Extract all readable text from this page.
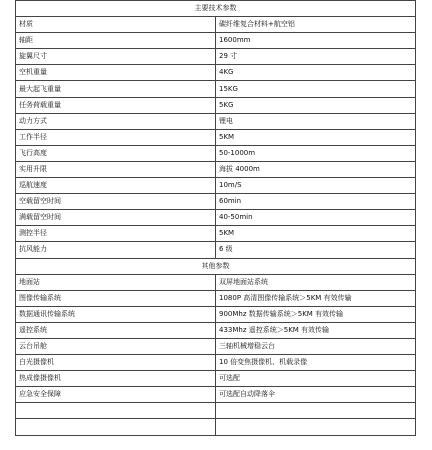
主要技术参数	
材质	碳纤维复合材料+航空铝
轴距	1600mm
旋翼尺寸	29 寸
空机重量	4KG
最大起飞重量	15KG
任务荷载重量	5KG
动力方式	锂电
工作半径	5KM
飞行高度	50-1000m
实用升限	海拔 4000m
巡航速度	10m/S
空载留空时间	60min
满载留空时间	40-50min
测控半径	5KM
抗风能力	6 级
其他参数	
地面站	双屏地面站系统
图像传输系统	1080P 高清图像传输系统＞5KM 有效传输
数据通讯传输系统	900Mhz 数据传输系统＞5KM 有效传输
遥控系统	433Mhz 遥控系统＞5KM 有效传输
云台吊舱	三轴机械增稳云台
白光摄像机	10 倍变焦摄像机、机载录像
热成像摄像机	可选配
应急安全保障	可选配自动降落伞
